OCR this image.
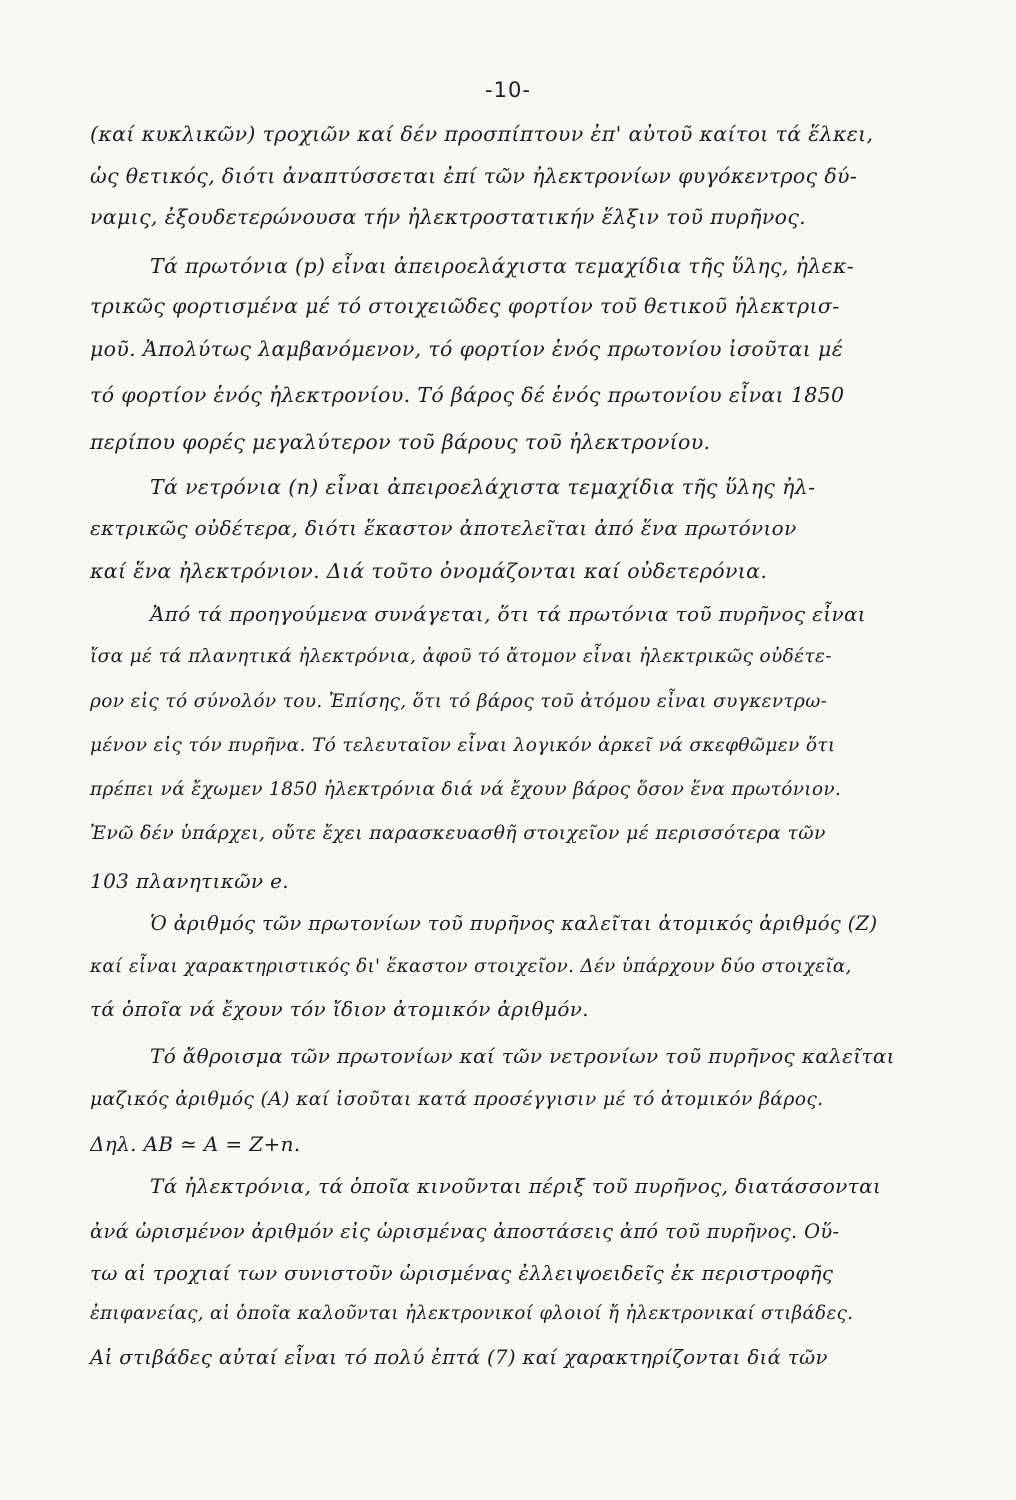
-10-
(καί κυκλικῶν) τροχιῶν καί δέν προσπίπτουν ἐπ' αὐτοῦ καίτοι τά ἕλκει,
ὡς θετικός, διότι ἀναπτύσσεται ἐπί τῶν ἠλεκτρονίων φυγόκεντρος δύ-
ναμις, ἐξουδετερώνουσα τήν ἠλεκτροστατικήν ἕλξιν τοῦ πυρῆνος.
Τά πρωτόνια (p) εἶναι ἀπειροελάχιστα τεμαχίδια τῆς ὕλης, ἠλεκ-
τρικῶς φορτισμένα μέ τό στοιχειῶδες φορτίον τοῦ θετικοῦ ἠλεκτρισ-
μοῦ. Ἀπολύτως λαμβανόμενον, τό φορτίον ἑνός πρωτονίου ἰσοῦται μέ
τό φορτίον ἑνός ἠλεκτρονίου. Τό βάρος δέ ἑνός πρωτονίου εἶναι 1850
περίπου φορές μεγαλύτερον τοῦ βάρους τοῦ ἠλεκτρονίου.
Τά νετρόνια (n) εἶναι ἀπειροελάχιστα τεμαχίδια τῆς ὕλης ἠλ-
εκτρικῶς οὐδέτερα, διότι ἕκαστον ἀποτελεῖται ἀπό ἕνα πρωτόνιον
καί ἕνα ἠλεκτρόνιον. Διά τοῦτο ὀνομάζονται καί οὐδετερόνια.
Ἀπό τά προηγούμενα συνάγεται, ὅτι τά πρωτόνια τοῦ πυρῆνος εἶναι
ἴσα μέ τά πλανητικά ἠλεκτρόνια, ἀφοῦ τό ἄτομον εἶναι ἠλεκτρικῶς οὐδέτε-
ρον εἰς τό σύνολόν του. Ἐπίσης, ὅτι τό βάρος τοῦ ἀτόμου εἶναι συγκεντρω-
μένον εἰς τόν πυρῆνα. Τό τελευταῖον εἶναι λογικόν ἀρκεῖ νά σκεφθῶμεν ὅτι
πρέπει νά ἔχωμεν 1850 ἠλεκτρόνια διά νά ἔχουν βάρος ὅσον ἕνα πρωτόνιον.
Ἐνῶ δέν ὑπάρχει, οὔτε ἔχει παρασκευασθῆ στοιχεῖον μέ περισσότερα τῶν
103 πλανητικῶν e.
Ὁ ἀριθμός τῶν πρωτονίων τοῦ πυρῆνος καλεῖται ἀτομικός ἀριθμός (Z)
καί εἶναι χαρακτηριστικός δι' ἕκαστον στοιχεῖον. Δέν ὑπάρχουν δύο στοιχεῖα,
τά ὁποῖα νά ἔχουν τόν ἴδιον ἀτομικόν ἀριθμόν.
Τό ἄθροισμα τῶν πρωτονίων καί τῶν νετρονίων τοῦ πυρῆνος καλεῖται
μαζικός ἀριθμός (A) καί ἰσοῦται κατά προσέγγισιν μέ τό ἀτομικόν βάρος.
Δηλ. AB ≃ A = Z+n.
Τά ἠλεκτρόνια, τά ὁποῖα κινοῦνται πέριξ τοῦ πυρῆνος, διατάσσονται
ἀνά ὡρισμένον ἀριθμόν εἰς ὡρισμένας ἀποστάσεις ἀπό τοῦ πυρῆνος. Οὕ-
τω αἱ τροχιαί των συνιστοῦν ὡρισμένας ἐλλειψοειδεῖς ἐκ περιστροφῆς
ἐπιφανείας, αἱ ὁποῖα καλοῦνται ἠλεκτρονικοί φλοιοί ἤ ἠλεκτρονικαί στιβάδες.
Αἱ στιβάδες αὐταί εἶναι τό πολύ ἑπτά (7) καί χαρακτηρίζονται διά τῶν
